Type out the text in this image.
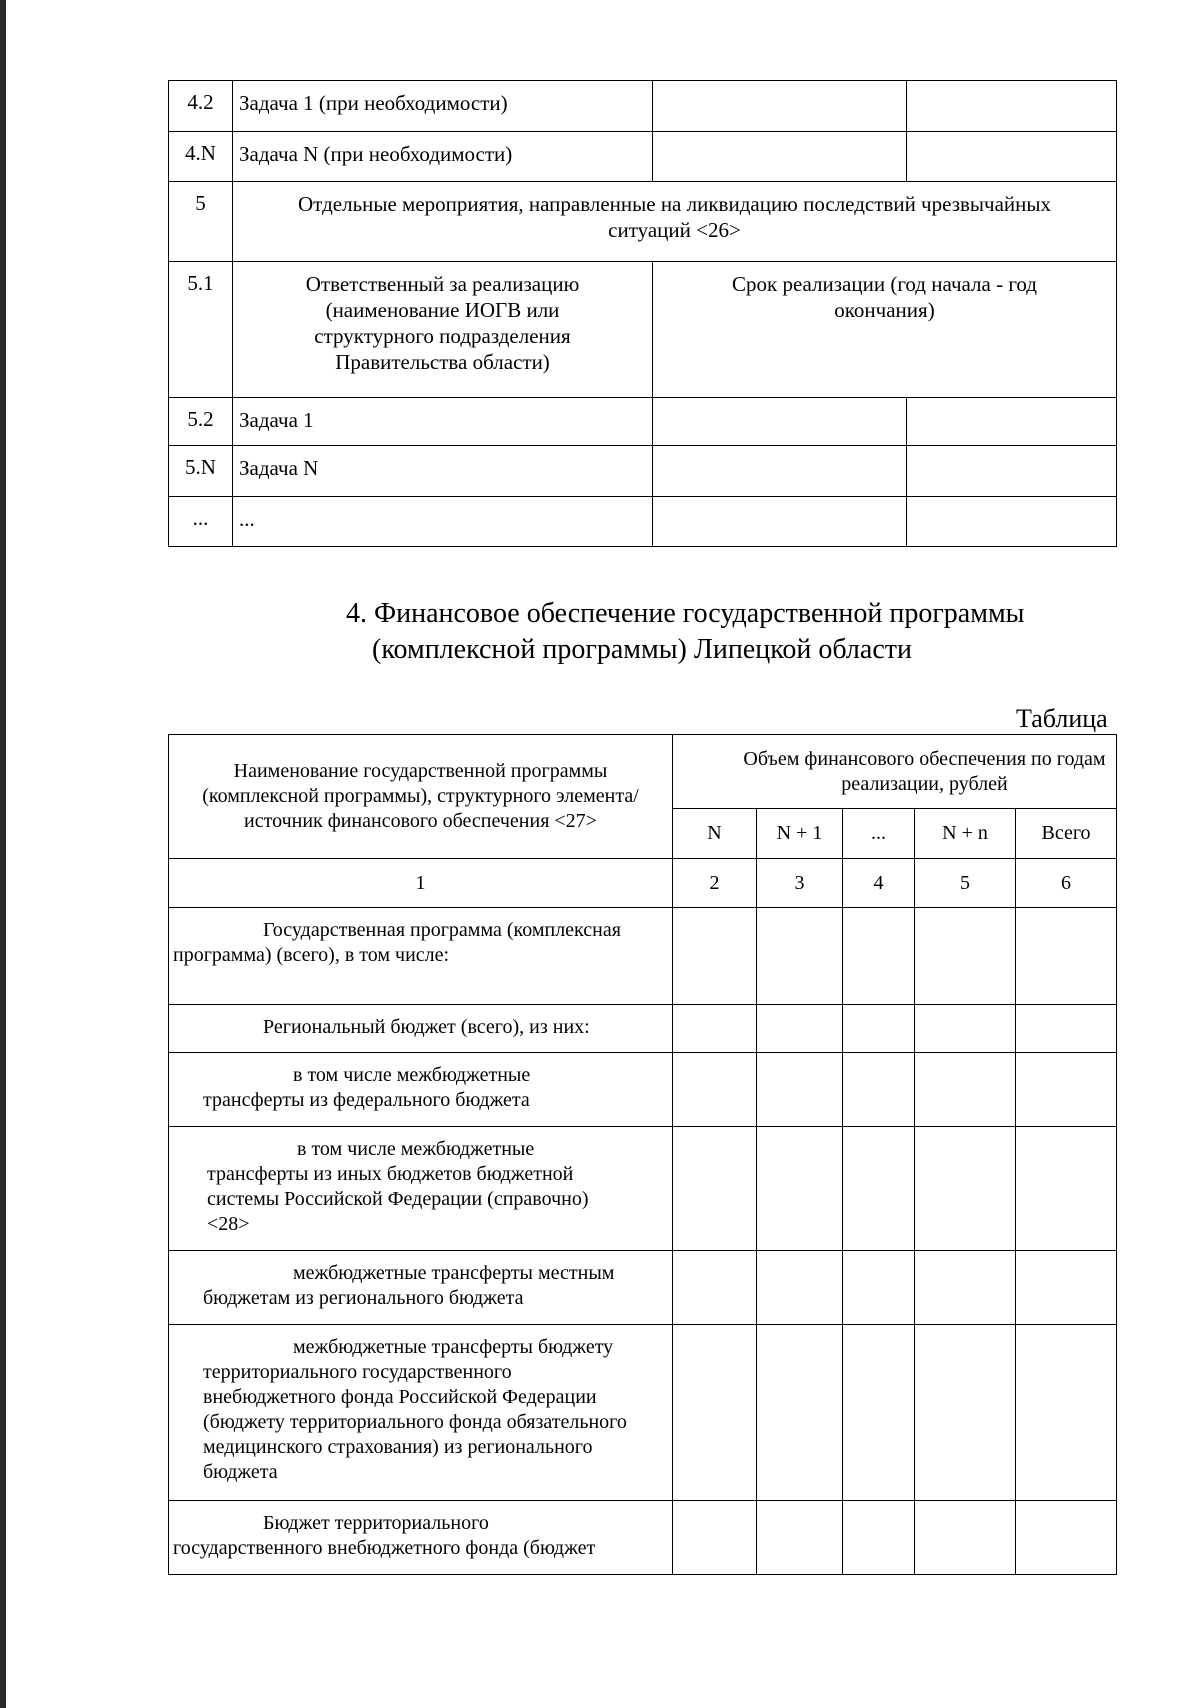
4.2	Задача 1 (при необходимости)		
4.N	Задача N (при необходимости)		
5	Отдельные мероприятия, направленные на ликвидацию последствий чрезвычайных ситуаций <26>		
5.1	Ответственный за реализацию (наименование ИОГВ или структурного подразделения Правительства области)	Срок реализации (год начала - год окончания)	
5.2	Задача 1		
5.N	Задача N		
...	...		
4. Финансовое обеспечение государственной программы
(комплексной программы) Липецкой области
Таблица
Наименование государственной программы (комплексной программы), структурного элемента/источник финансового обеспечения <27>	Объем финансового обеспечения по годам реализации, рублей				
	N	N + 1	...	N + n	Всего
1	2	3	4	5	6

Государственная программа (комплексная
программа) (всего), в том числе:					

Региональный бюджет (всего), из них:					

в том числе межбюджетные
трансферты из федерального бюджета					

в том числе межбюджетные
трансферты из иных бюджетов бюджетной системы Российской Федерации (справочно) <28>					

межбюджетные трансферты местным
бюджетам из регионального бюджета					

межбюджетные трансферты бюджету
территориального государственного внебюджетного фонда Российской Федерации (бюджету территориального фонда обязательного медицинского страхования) из регионального бюджета					

Бюджет территориального
государственного внебюджетного фонда (бюджет					
